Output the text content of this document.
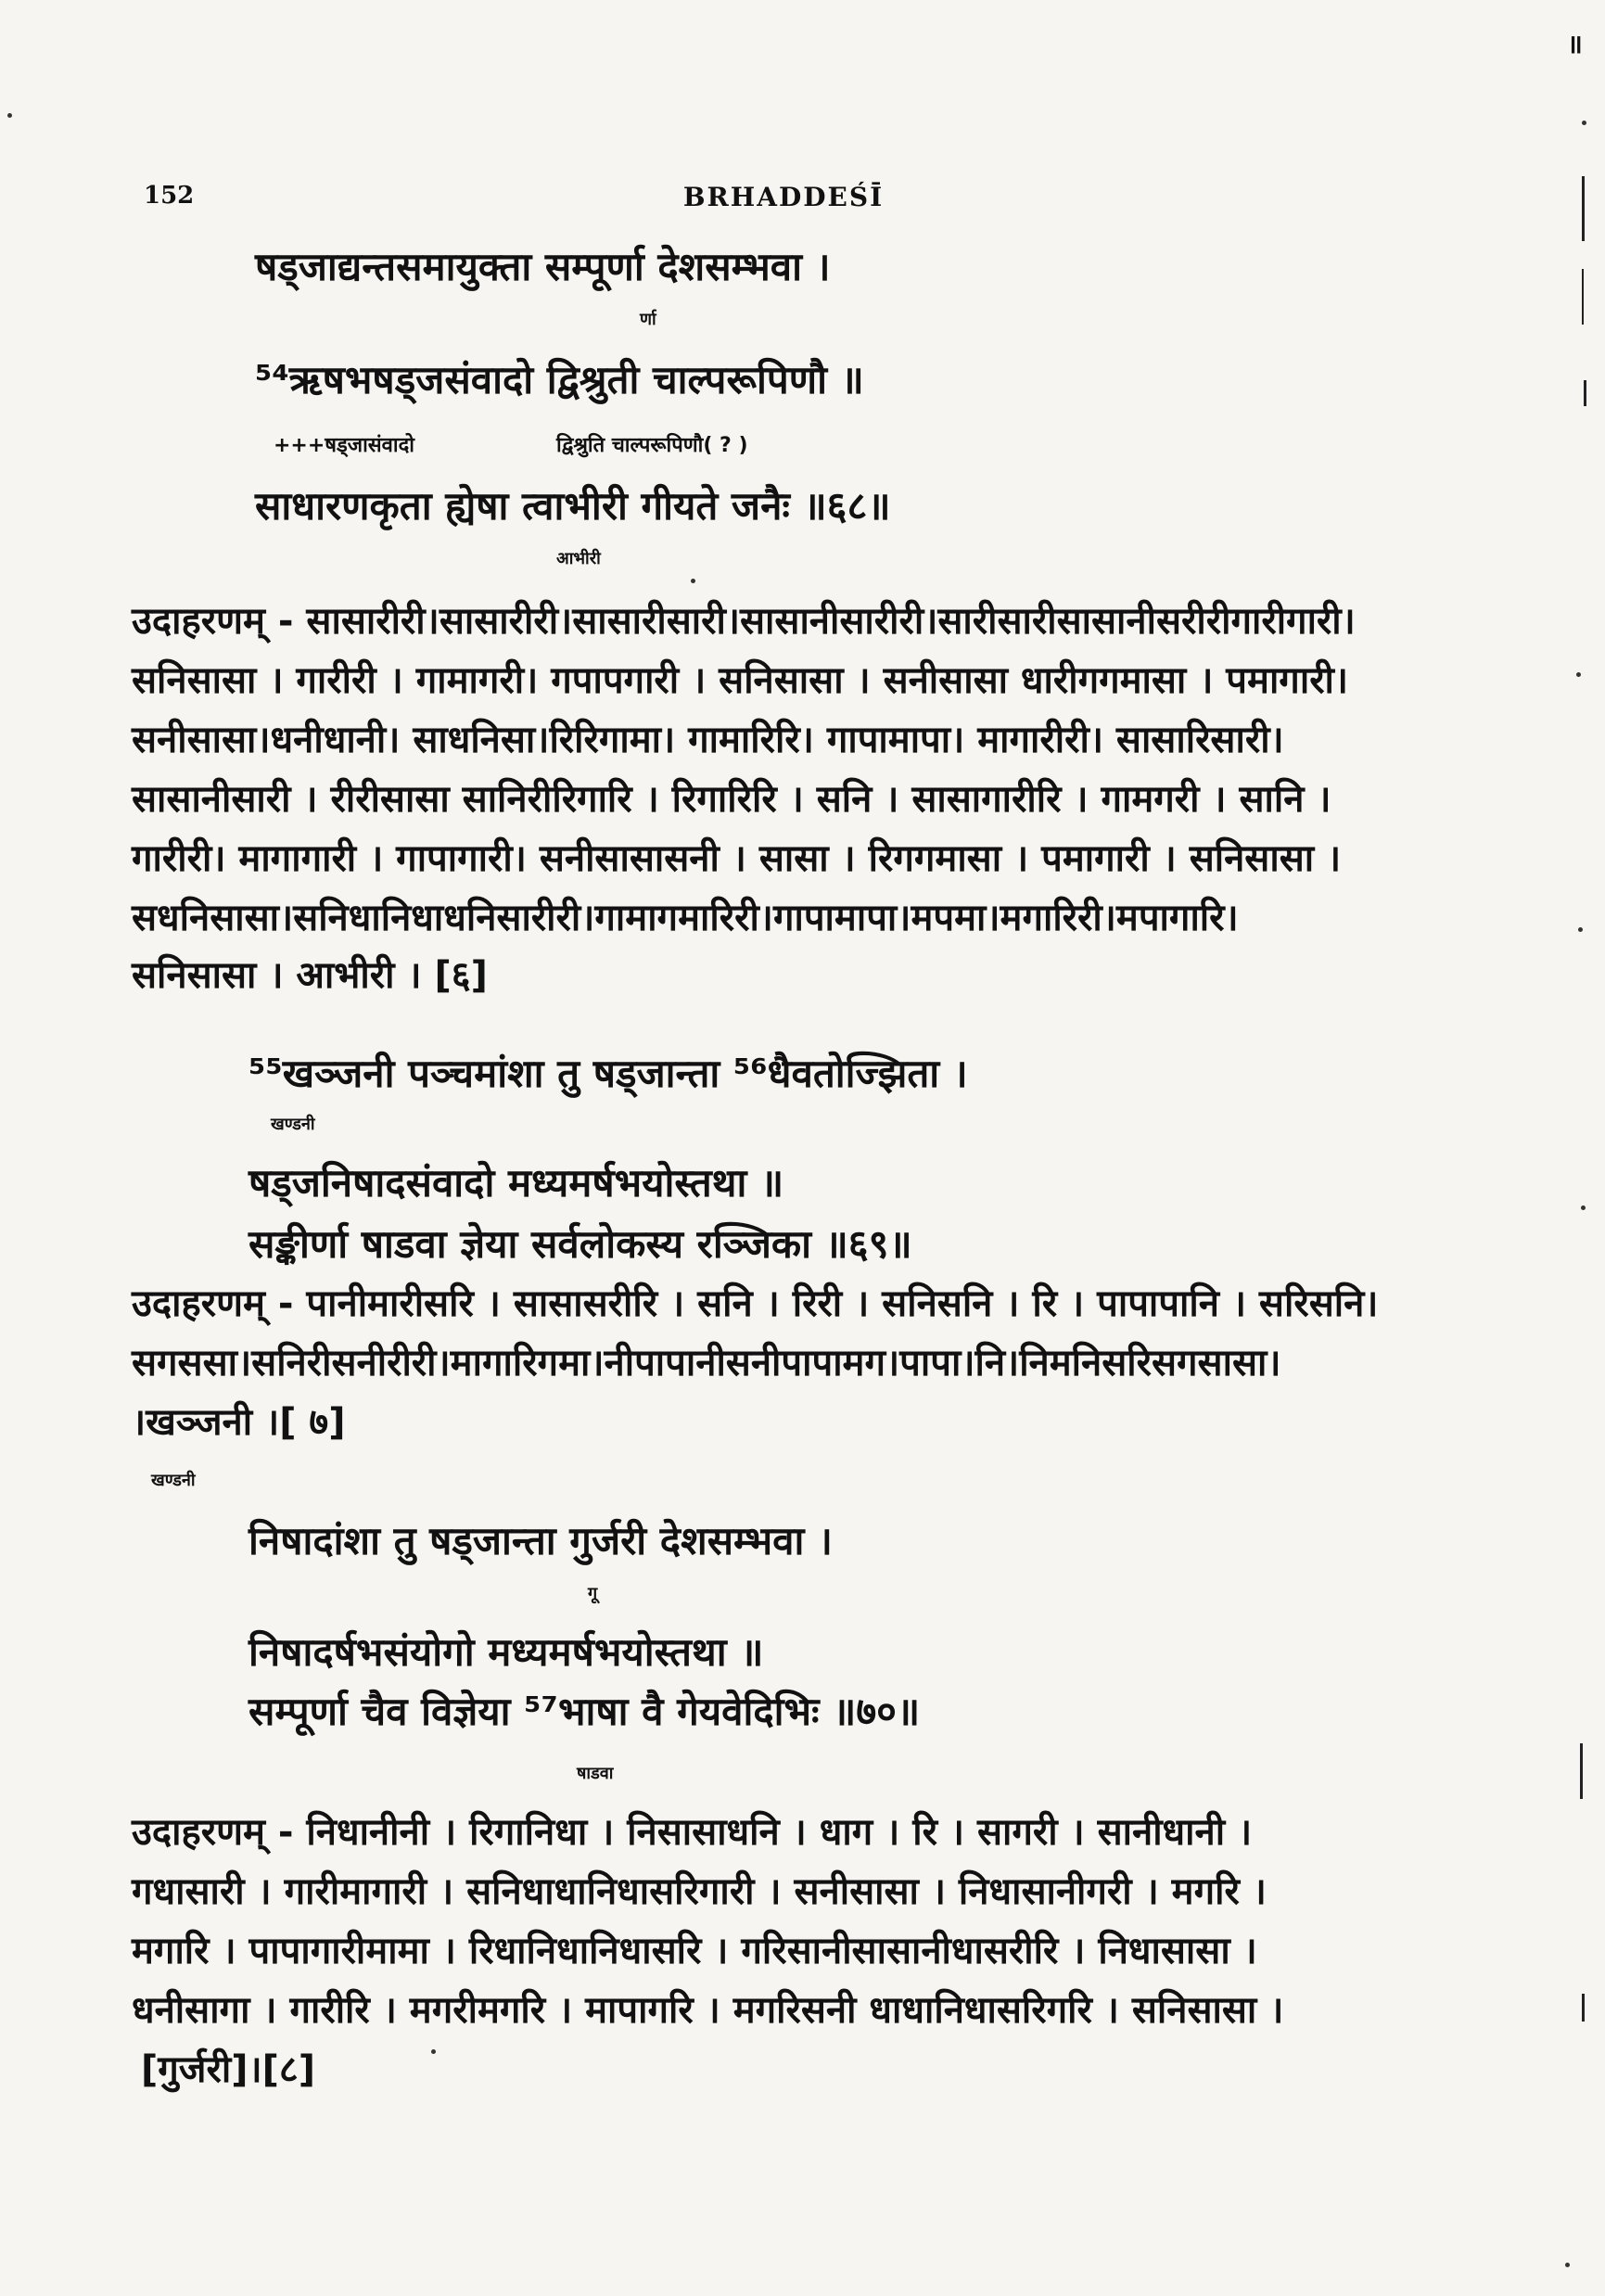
152	BRHADDEŚĪ
॥
षड्जाद्यन्तसमायुक्ता सम्पूर्णा देशसम्भवा ।
र्णा
⁵⁴ऋषभषड्जसंवादो द्विश्रुती चाल्परूपिणौ ॥
+++षड्जासंवादो	द्विश्रुति चाल्परूपिणौ( ? )
साधारणकृता ह्येषा त्वाभीरी गीयते जनैः ॥६८॥
आभीरी
उदाहरणम् - सासारीरी।सासारीरी।सासारीसारी।सासानीसारीरी।सारीसारीसासानीसरीरीगारीगारी।
सनिसासा । गारीरी । गामागरी। गपापगारी । सनिसासा । सनीसासा धारीगगमासा । पमागारी।
सनीसासा।धनीधानी। साधनिसा।रिरिगामा। गामारिरि। गापामापा। मागारीरी। सासारिसारी।
सासानीसारी । रीरीसासा सानिरीरिगारि । रिगारिरि । सनि । सासागारीरि । गामगरी । सानि ।
गारीरी। मागागारी । गापागारी। सनीसासासनी । सासा । रिगगमासा । पमागारी । सनिसासा ।
सधनिसासा।सनिधानिधाधनिसारीरी।गामागमारिरी।गापामापा।मपमा।मगारिरी।मपागारि।
सनिसासा । आभीरी । [६]
⁵⁵खञ्जनी पञ्चमांशा तु षड्जान्ता ⁵⁶धैवतोज्झिता ।
खण्डनी
षड्जनिषादसंवादो मध्यमर्षभयोस्तथा ॥
सङ्कीर्णा षाडवा ज्ञेया सर्वलोकस्य रञ्जिका ॥६९॥
उदाहरणम् - पानीमारीसरि । सासासरीरि । सनि । रिरी । सनिसनि । रि । पापापानि । सरिसनि।
सगससा।सनिरीसनीरीरी।मागारिगमा।नीपापानीसनीपापामग।पापा।नि।निमनिसरिसगसासा।
।खञ्जनी ।[ ७]
खण्डनी
निषादांशा तु षड्जान्ता गुर्जरी देशसम्भवा ।
गू
निषादर्षभसंयोगो मध्यमर्षभयोस्तथा ॥
सम्पूर्णा चैव विज्ञेया ⁵⁷भाषा वै गेयवेदिभिः ॥७०॥
षाडवा
उदाहरणम् - निधानीनी । रिगानिधा । निसासाधनि । धाग । रि । सागरी । सानीधानी ।
गधासारी । गारीमागारी । सनिधाधानिधासरिगारी । सनीसासा । निधासानीगरी । मगरि ।
मगारि । पापागारीमामा । रिधानिधानिधासरि । गरिसानीसासानीधासरीरि । निधासासा ।
धनीसागा । गारीरि । मगरीमगरि । मापागरि । मगरिसनी धाधानिधासरिगरि । सनिसासा ।
[गुर्जरी]।[८]
